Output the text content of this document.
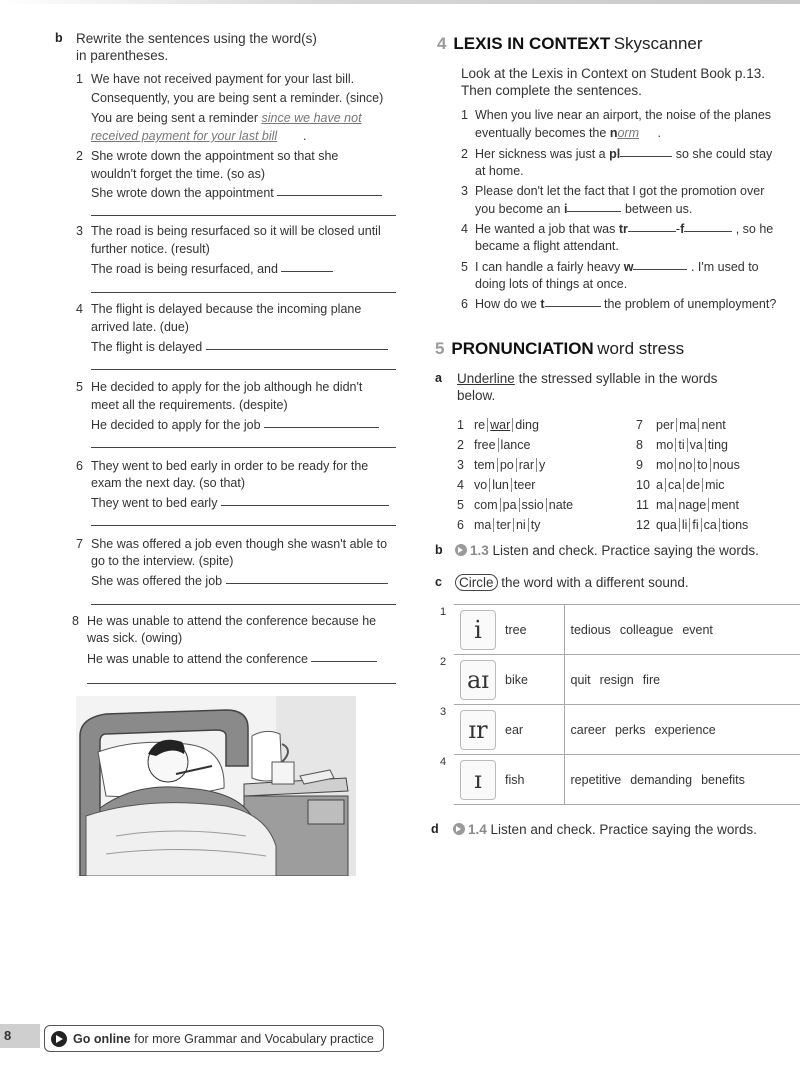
b Rewrite the sentences using the word(s)
in parentheses.
1 We have not received payment for your last bill.
Consequently, you are being sent a reminder. (since)
You are being sent a reminder since we have not
received payment for your last bill .
2 She wrote down the appointment so that she
wouldn't forget the time. (so as)
She wrote down the appointment
3 The road is being resurfaced so it will be closed until
further notice. (result)
The road is being resurfaced, and
4 The flight is delayed because the incoming plane
arrived late. (due)
The flight is delayed
5 He decided to apply for the job although he didn't
meet all the requirements. (despite)
He decided to apply for the job
6 They went to bed early in order to be ready for the
exam the next day. (so that)
They went to bed early
7 She was offered a job even though she wasn't able to
go to the interview. (spite)
She was offered the job
8 He was unable to attend the conference because he
was sick. (owing)
He was unable to attend the conference
8	Go online
for more Grammar and Vocabulary practice
4 LEXIS IN CONTEXT Skyscanner
Look at the Lexis in Context on Student Book p.13.
Then complete the sentences.
1 When you live near an airport, the noise of the planes
eventually becomes the norm .
2 Her sickness was just a pl	so she could stay
at home.
3 Please don't let the fact that I got the promotion over
you become an i	between us.
4 He wanted a job that was tr	-f	, so he
became a flight attendant.
5 I can handle a fairly heavy w	. I'm used to
doing lots of things at once.
6 How do we t	the problem of unemployment?
5 PRONUNCIATION word stress
a Underline the stressed syllable in the words
below.
1 re war ding
2 free lance
3 tem po rar y
4 vo lun teer
5 com pa ssio nate
6 ma ter ni ty
7 per ma nent
8 mo ti va ting
9 mo no to nous
10 a ca de mic
11 ma nage ment
12 qua li fi ca tions
b	1.3 Listen and check. Practice saying the words.
c Circle the word with a different sound.
1
2
3
4
i	tree	tedious colleague event

aɪ	bike	quit resign fire

ɪr	ear	career perks experience

ɪ	fish	repetitive demanding benefits
d	1.4 Listen and check. Practice saying the words.
